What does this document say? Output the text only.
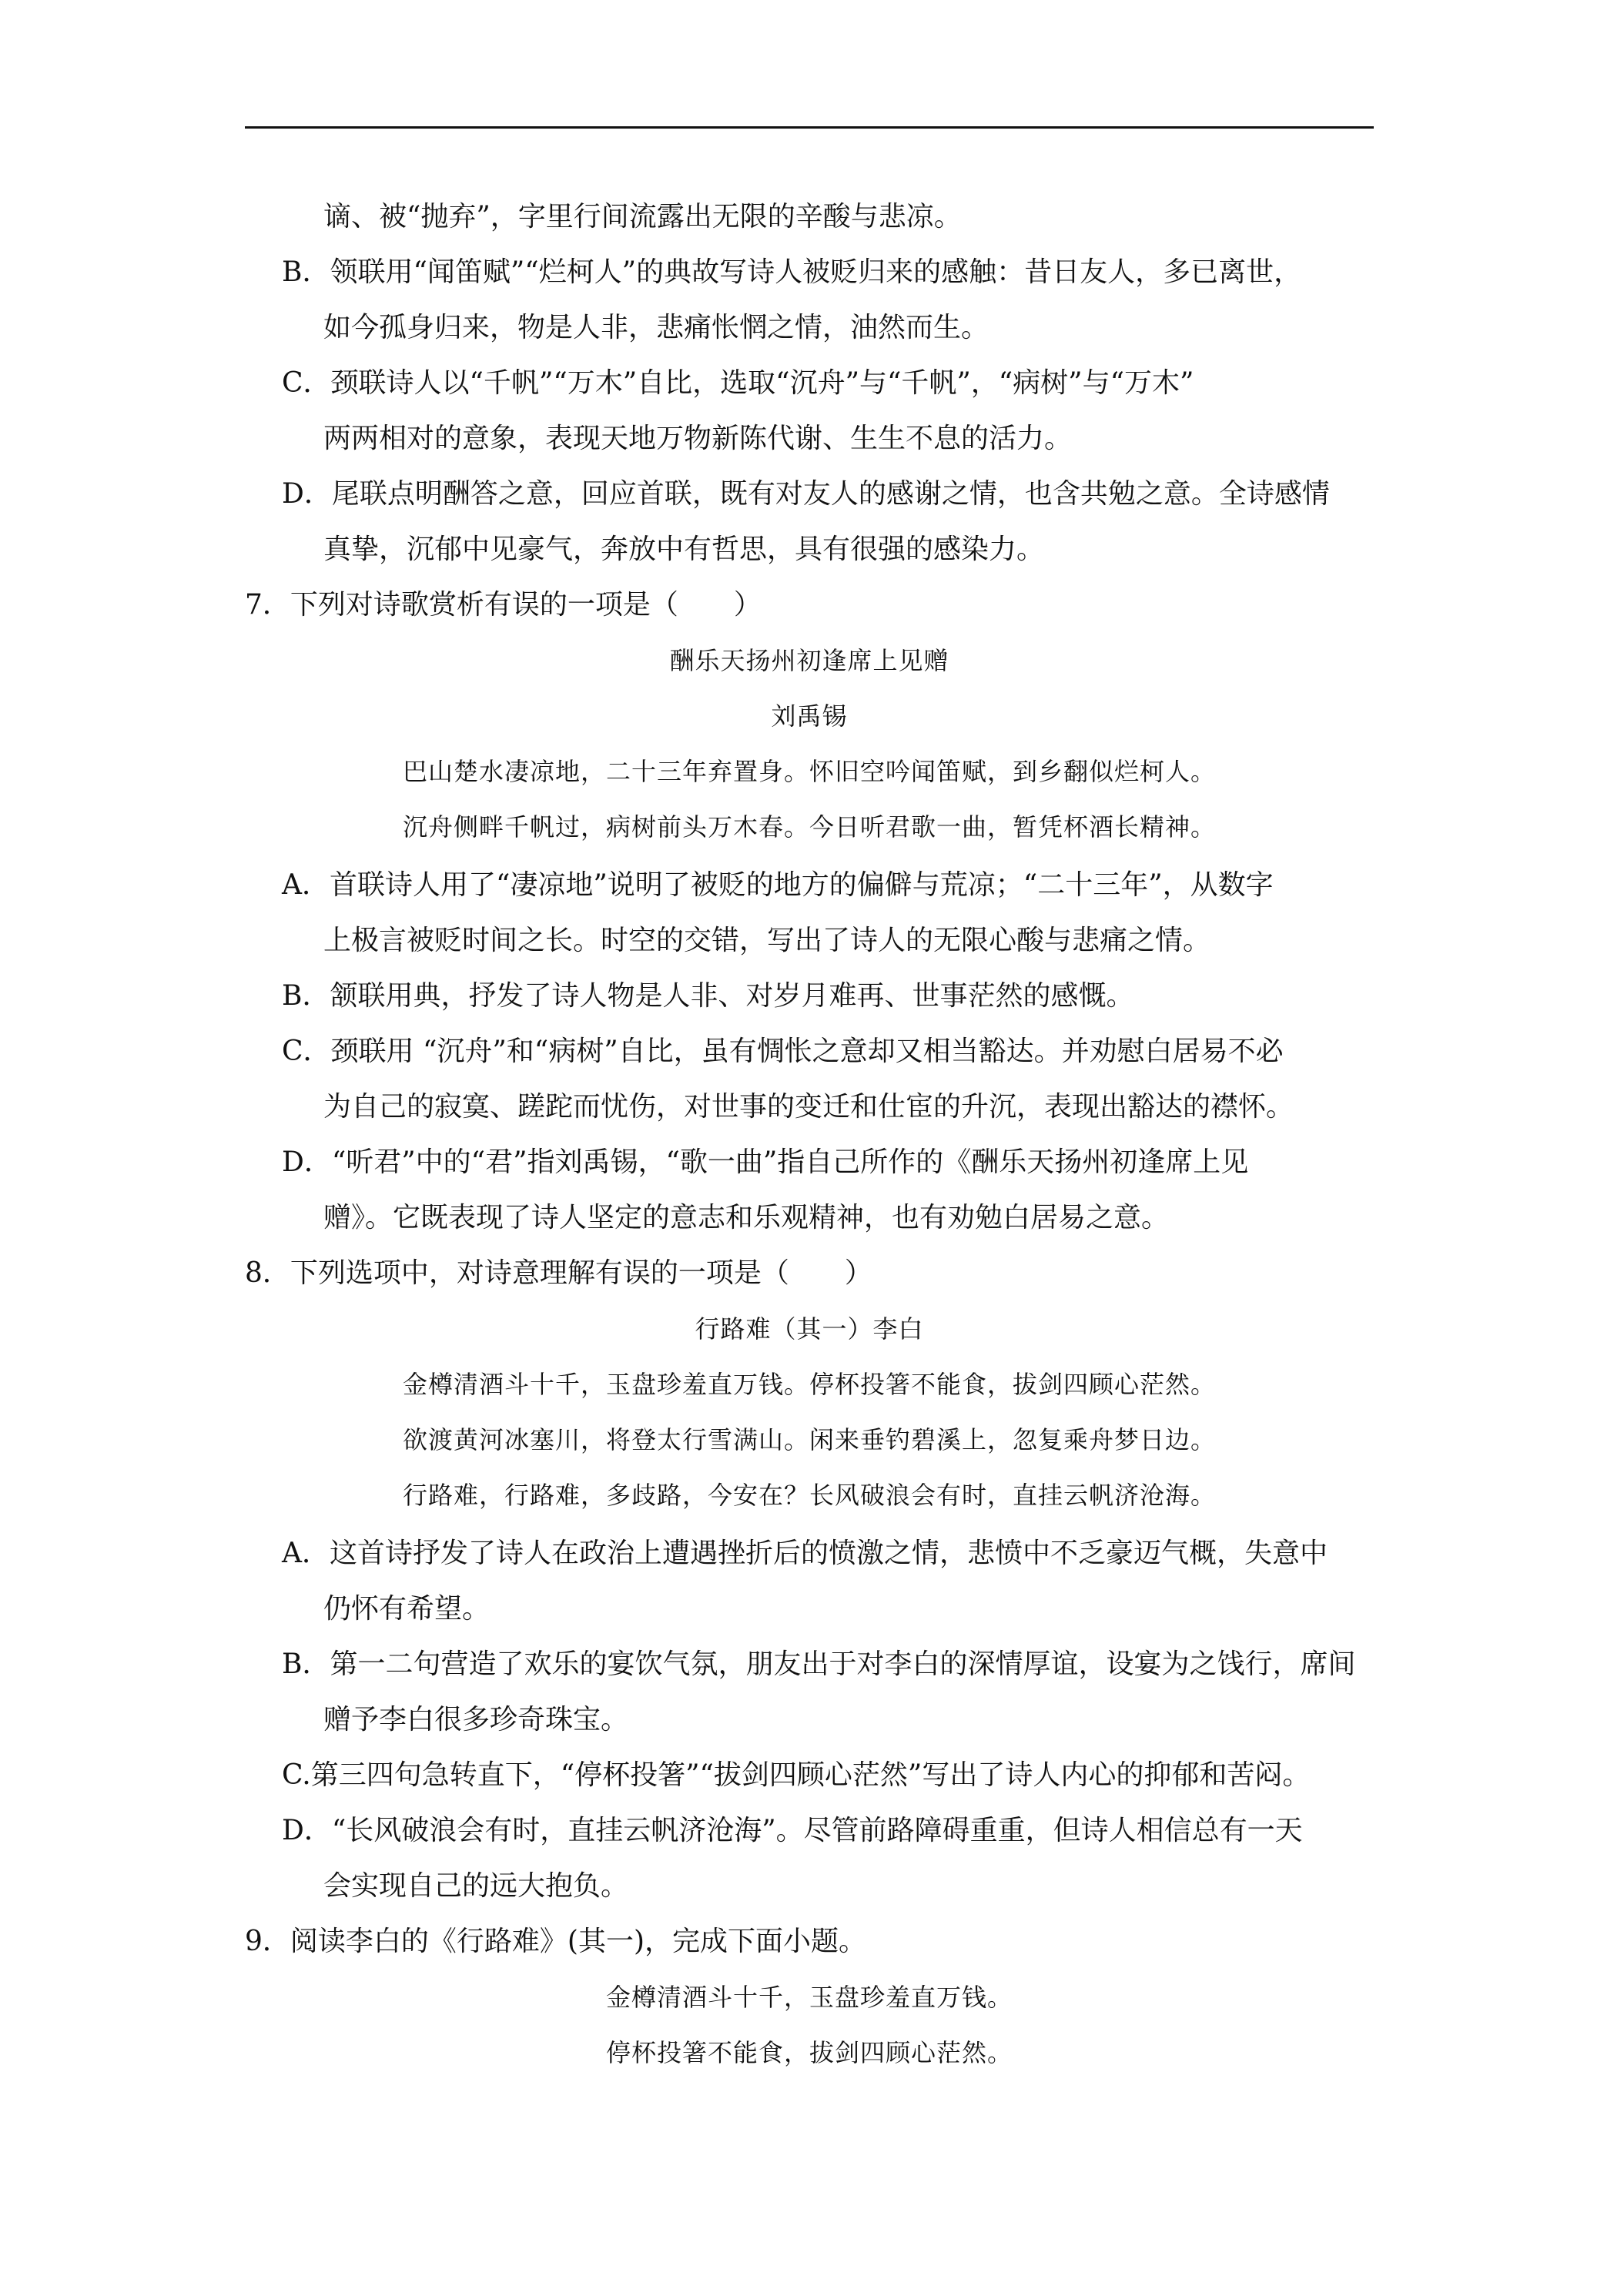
谪、被“抛弃”，字里行间流露出无限的辛酸与悲凉。
B．领联用“闻笛赋”“烂柯人”的典故写诗人被贬归来的感触：昔日友人，多已离世，
如今孤身归来，物是人非，悲痛怅惘之情，油然而生。
C．颈联诗人以“千帆”“万木”自比，选取“沉舟”与“千帆”，“病树”与“万木”
两两相对的意象，表现天地万物新陈代谢、生生不息的活力。
D．尾联点明酬答之意，回应首联，既有对友人的感谢之情，也含共勉之意。全诗感情
真挚，沉郁中见豪气，奔放中有哲思，具有很强的感染力。
7．下列对诗歌赏析有误的一项是（　　）
酬乐天扬州初逢席上见赠
刘禹锡
巴山楚水凄凉地，二十三年弃置身。怀旧空吟闻笛赋，到乡翻似烂柯人。
沉舟侧畔千帆过，病树前头万木春。今日听君歌一曲，暂凭杯酒长精神。
A．首联诗人用了“凄凉地”说明了被贬的地方的偏僻与荒凉；“二十三年”，从数字
上极言被贬时间之长。时空的交错，写出了诗人的无限心酸与悲痛之情。
B．颔联用典，抒发了诗人物是人非、对岁月难再、世事茫然的感慨。
C．颈联用 “沉舟”和“病树”自比，虽有惆怅之意却又相当豁达。并劝慰白居易不必
为自己的寂寞、蹉跎而忧伤，对世事的变迁和仕宦的升沉，表现出豁达的襟怀。
D．“听君”中的“君”指刘禹锡，“歌一曲”指自己所作的《酬乐天扬州初逢席上见
赠》。它既表现了诗人坚定的意志和乐观精神，也有劝勉白居易之意。
8．下列选项中，对诗意理解有误的一项是（　　）
行路难（其一）李白
金樽清酒斗十千，玉盘珍羞直万钱。停杯投箸不能食，拔剑四顾心茫然。
欲渡黄河冰塞川，将登太行雪满山。闲来垂钓碧溪上，忽复乘舟梦日边。
行路难，行路难，多歧路，今安在？长风破浪会有时，直挂云帆济沧海。
A．这首诗抒发了诗人在政治上遭遇挫折后的愤激之情，悲愤中不乏豪迈气概，失意中
仍怀有希望。
B．第一二句营造了欢乐的宴饮气氛，朋友出于对李白的深情厚谊，设宴为之饯行，席间
赠予李白很多珍奇珠宝。
C.第三四句急转直下，“停杯投箸”“拔剑四顾心茫然”写出了诗人内心的抑郁和苦闷。
D．“长风破浪会有时，直挂云帆济沧海”。尽管前路障碍重重，但诗人相信总有一天
会实现自己的远大抱负。
9．阅读李白的《行路难》(其一)，完成下面小题。
金樽清酒斗十千，玉盘珍羞直万钱。
停杯投箸不能食，拔剑四顾心茫然。
